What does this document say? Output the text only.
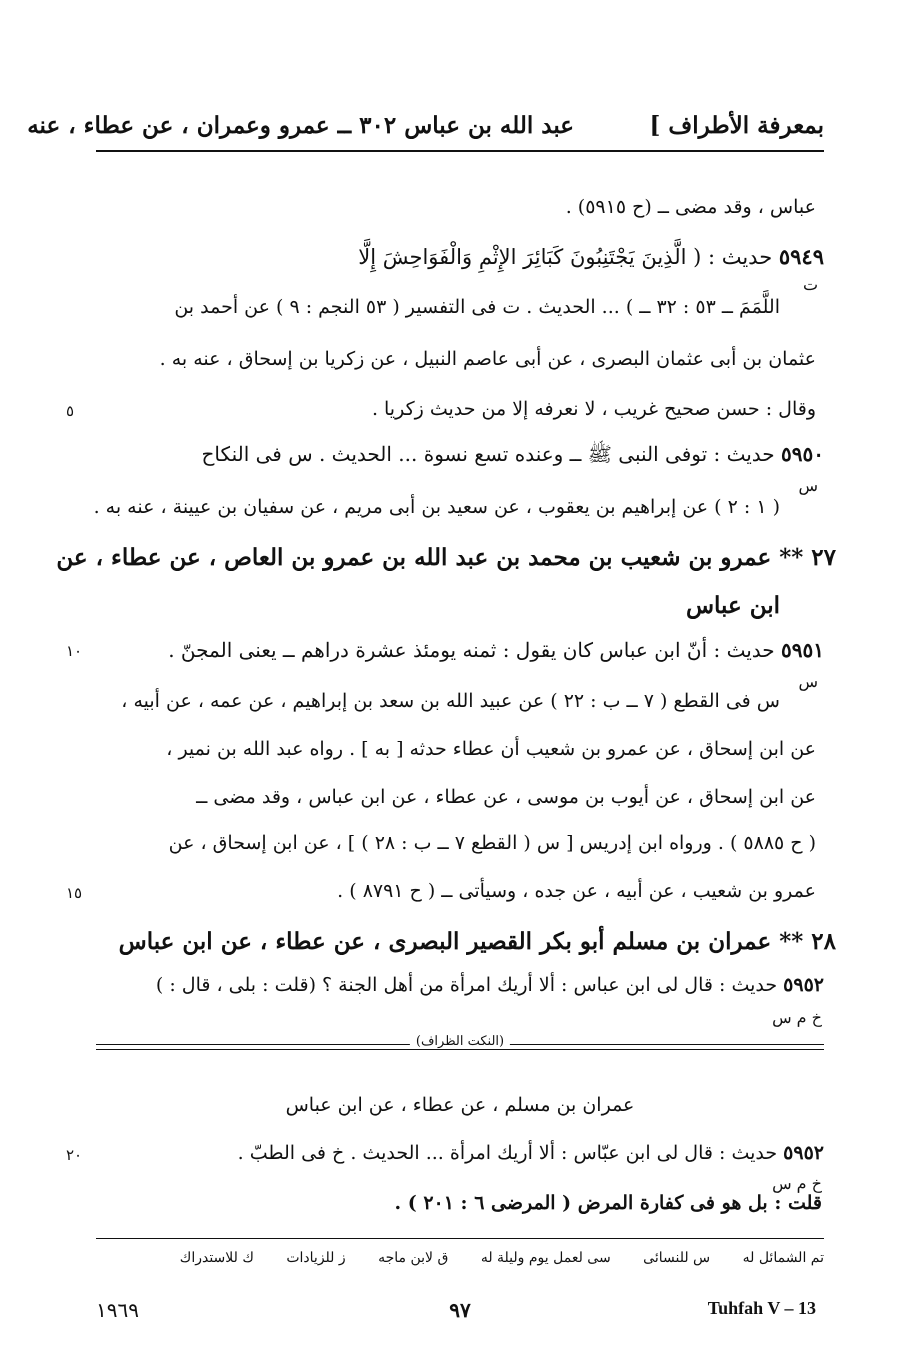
بمعرفة الأطراف ]
عبد الله بن عباس ٣٠٢ ــ عمرو وعمران ، عن عطاء ، عنه
عباس ، وقد مضى ــ (ح ٥٩١٥) .
٥٩٤٩ حديث : ( الَّذِينَ يَجْتَنِبُونَ كَبَائِرَ الإِثْمِ وَالْفَوَاحِشَ إِلَّا
ت
اللَّمَمَ ــ ٥٣ : ٣٢ ــ ) ... الحديث . ت فى التفسير ( ٥٣ النجم : ٩ ) عن أحمد بن
عثمان بن أبى عثمان البصرى ، عن أبى عاصم النبيل ، عن زكريا بن إسحاق ، عنه به .
وقال : حسن صحيح غريب ، لا نعرفه إلا من حديث زكريا .
٥
٥٩٥٠ حديث : توفى النبى ﷺ ــ وعنده تسع نسوة ... الحديث . س فى النكاح
س
( ١ : ٢ ) عن إبراهيم بن يعقوب ، عن سعيد بن أبى مريم ، عن سفيان بن عيينة ، عنه به .
٢٧ ** عمرو بن شعيب بن محمد بن عبد الله بن عمرو بن العاص ، عن عطاء ، عن
ابن عباس
٥٩٥١ حديث : أنّ ابن عباس كان يقول : ثمنه يومئذ عشرة دراهم ــ يعنى المجنّ .
١٠
س
س فى القطع ( ٧ ــ ب : ٢٢ ) عن عبيد الله بن سعد بن إبراهيم ، عن عمه ، عن أبيه ،
عن ابن إسحاق ، عن عمرو بن شعيب أن عطاء حدثه [ به ] . رواه عبد الله بن نمير ،
عن ابن إسحاق ، عن أيوب بن موسى ، عن عطاء ، عن ابن عباس ، وقد مضى ــ
( ح ٥٨٨٥ ) . ورواه ابن إدريس [ س ( القطع ٧ ــ ب : ٢٨ ) ] ، عن ابن إسحاق ، عن
عمرو بن شعيب ، عن أبيه ، عن جده ، وسيأتى ــ ( ح ٨٧٩١ ) .
١٥
٢٨ ** عمران بن مسلم أبو بكر القصير البصرى ، عن عطاء ، عن ابن عباس
٥٩٥٢ حديث : قال لى ابن عباس : ألا أريك امرأة من أهل الجنة ؟ (قلت : بلى ، قال : )
خ م س
(النكت الظراف)
عمران بن مسلم ، عن عطاء ، عن ابن عباس
٥٩٥٢ حديث : قال لى ابن عبّاس : ألا أريك امرأة ... الحديث . خ فى الطبّ .
٢٠
خ م س
قلت : بل هو فى كفارة المرض ( المرضى ٦ : ٢٠١ ) .
تم الشمائل له س للنسائى سى لعمل يوم وليلة له ق لابن ماجه ز للزيادات ك للاستدراك
١٩٦٩	٩٧	Tuhfah V – 13
